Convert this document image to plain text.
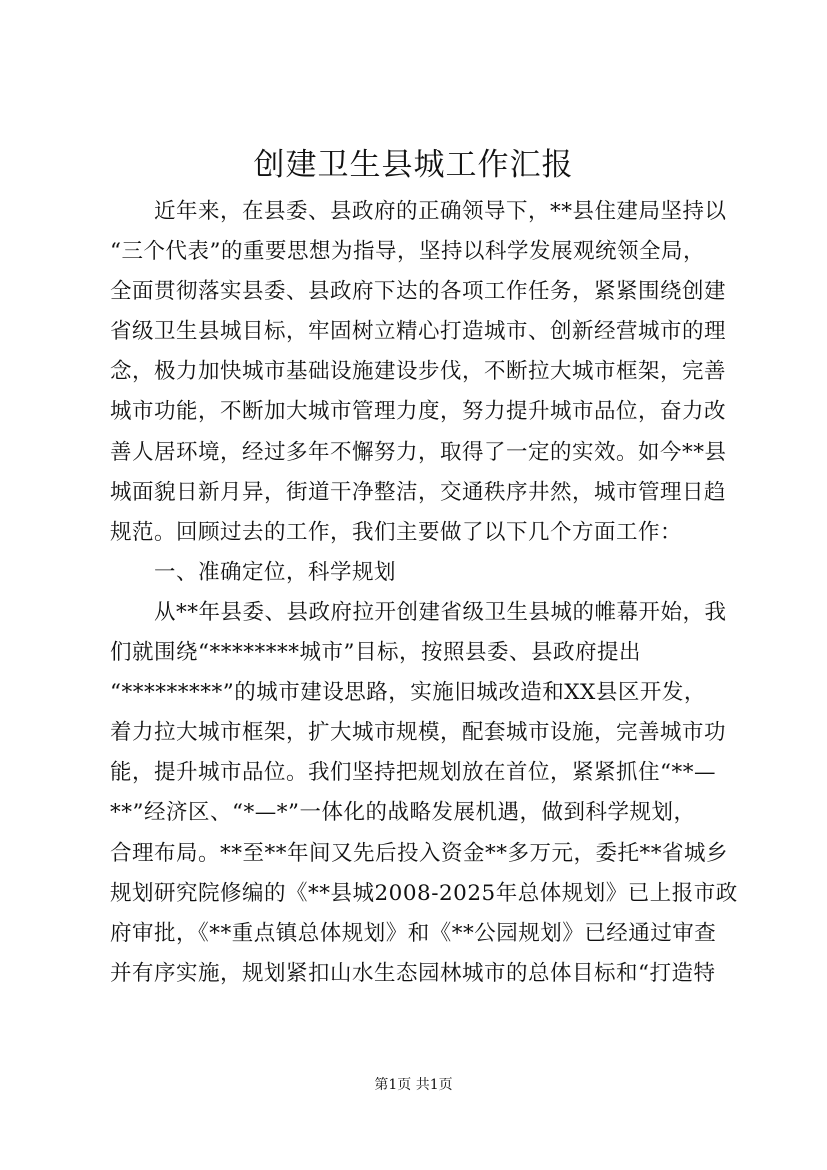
创建卫生县城工作汇报
近年来，在县委、县政府的正确领导下，**县住建局坚持以
“三个代表”的重要思想为指导，坚持以科学发展观统领全局，
全面贯彻落实县委、县政府下达的各项工作任务，紧紧围绕创建
省级卫生县城目标，牢固树立精心打造城市、创新经营城市的理
念，极力加快城市基础设施建设步伐，不断拉大城市框架，完善
城市功能，不断加大城市管理力度，努力提升城市品位，奋力改
善人居环境，经过多年不懈努力，取得了一定的实效。如今**县
城面貌日新月异，街道干净整洁，交通秩序井然，城市管理日趋
规范。回顾过去的工作，我们主要做了以下几个方面工作：
一、准确定位，科学规划
从**年县委、县政府拉开创建省级卫生县城的帷幕开始，我
们就围绕“********城市”目标，按照县委、县政府提出
“*********”的城市建设思路，实施旧城改造和XX县区开发，
着力拉大城市框架，扩大城市规模，配套城市设施，完善城市功
能，提升城市品位。我们坚持把规划放在首位，紧紧抓住“**—
**”经济区、“*—*”一体化的战略发展机遇，做到科学规划，
合理布局。**至**年间又先后投入资金**多万元，委托**省城乡
规划研究院修编的《**县城2008-2025年总体规划》已上报市政
府审批，《**重点镇总体规划》和《**公园规划》已经通过审查
并有序实施，规划紧扣山水生态园林城市的总体目标和“打造特
第1页 共1页
